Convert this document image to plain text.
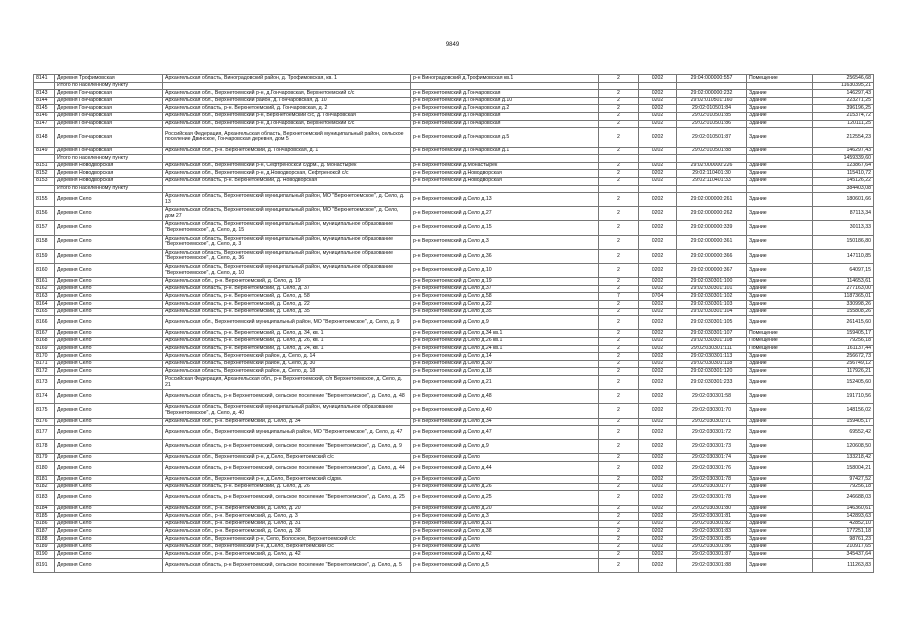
9849
8141	Деревня Трофимовская	Архангельская область, Виноградовский район, д. Трофимовская, кв. 1	р-н Виноградовский д.Трофимовская кв.1	2	0202	29:04:000000:557	Помещение	256546,68
	Итого по населенному пункту							11630395,21
8143	Деревня Гончаровская	Архангельская обл., Верхнетоемский р-н, д.Гончаровская, Верхнетоемский с/с	р-н Верхнетоемский д.Гончаровская	2	0202	29:02:000000:232	Здание	146297,43
8144	Деревня Гончаровская	Архангельская обл., Верхнетоемский район, д. Гончаровская, д. 10	р-н Верхнетоемский д.Гончаровская д.10	2	0202	29:02:010501:160	Здание	223271,25
8145	Деревня Гончаровская	Архангельская область, р-н. Верхнетоемский, д. Гончаровская, д. 2	р-н Верхнетоемский д.Гончаровская д.2	2	0202	29:02:010501:84	Здание	396196,25
8146	Деревня Гончаровская	Архангельская обл., Верхнетоемский р-н, Верхнетоемский с/с, д. Гончаровская	р-н Верхнетоемский д.Гончаровская	2	0202	29:02:010501:85	Здание	215374,72
8147	Деревня Гончаровская	Архангельская обл., Верхнетоемский р-н, д.Гончаровская, Верхнетоемский с/с	р-н Верхнетоемский д.Гончаровская	2	0202	29:02:010501:86	Здание	120111,25
8148	Деревня Гончаровская	Российская Федерация, Архангельская область, Верхнетоемский муниципальный район, сельское поселение Двинское, Гончаровская деревня, дом 5	р-н Верхнетоемский д.Гончаровская д.5	2	0202	29:02:010501:87	Здание	212554,23
8149	Деревня Гончаровская	Архангельская обл., р-н. Верхнетоемский, д. Гончаровская, д. 1	р-н Верхнетоемский д.Гончаровская д.1	2	0202	29:02:010501:88	Здание	146297,43
	Итого по населенному пункту							1459339,60
8151	Деревня Новодворская	Архангельская обл., Верхнетоемский р-н, Сефтреносксй с/дрм., д. Монастырёк	р-н Верхнетоемский д.Монастырёк	2	0202	29:02:000000:226	Здание	123867,64
8152	Деревня Новодворская	Архангельская обл., Верхнетоемский р-н, д.Новодворская, Сефтреноксй с/с	р-н Верхнетоемский д.Новодворская	2	0202	29:02:110401:30	Здание	115410,72
8153	Деревня Новодворская	Архангельская область, р-н. Верхнетоемский, д. Новодворская	р-н Верхнетоемский д.Новодворская	2	0202	29:02:110401:33	Здание	145126,22
	Итого по населенному пункту							384403,08
8155	Деревня Село	Архангельская область, Верхнетоемский муниципальный район, МО "Верхнетоемское", д. Село, д. 13	р-н Верхнетоемский д.Село д.13	2	0202	29:02:000000:261	Здание	180601,66
8156	Деревня Село	Архангельская область, Верхнетоемский муниципальный район, МО "Верхнетоемское", д. Село, дом 27	р-н Верхнетоемский д.Село д.27	2	0202	29:02:000000:262	Здание	87113,34
8157	Деревня Село	Архангельская область, Верхнетоемский муниципальный район, муниципальное образование "Верхнетоемское", д. Село, д. 15	р-н Верхнетоемский д.Село д.15	2	0202	29:02:000000:339	Здание	30113,33
8158	Деревня Село	Архангельская область, Верхнетоемский муниципальный район, муниципальное образование "Верхнетоемское", д. Село, д. 3	р-н Верхнетоемский д.Село д.3	2	0202	29:02:000000:361	Здание	150186,80
8159	Деревня Село	Архангельская область, Верхнетоемский муниципальный район, муниципальное образование "Верхнетоемское", д. Село, д. 36	р-н Верхнетоемский д.Село д.36	2	0202	29:02:000000:366	Здание	147110,85
8160	Деревня Село	Архангельская область, Верхнетоемский муниципальный район, муниципальное образование "Верхнетоемское", д. Село, д. 10	р-н Верхнетоемский д.Село д.10	2	0202	29:02:000000:367	Здание	64097,15
8161	Деревня Село	Архангельская обл., р-н. Верхнетоемский, д. Село, д. 19	р-н Верхнетоемский д.Село д.19	2	0202	29:02:030301:100	Здание	114653,61
8162	Деревня Село	Архангельская область, р-н. Верхнетоемский, д. Село, д. 37	р-н Верхнетоемский д.Село д.37	2	0202	29:02:030301:101	Здание	277163,00
8163	Деревня Село	Архангельская область, р-н. Верхнетоемский, д. Село, д. 58	р-н Верхнетоемский д.Село д.58	7	0704	29:02:030301:102	Здание	1187365,01
8164	Деревня Село	Архангельская область, р-н. Верхнетоемский, д. Село, д. 22	р-н Верхнетоемский д.Село д.22	2	0202	29:02:030301:103	Здание	330998,26
8165	Деревня Село	Архангельская область, р-н. Верхнетоемский, д. Село, д. 35	р-н Верхнетоемский д.Село д.35	2	0202	29:02:030301:104	Здание	155808,26
8166	Деревня Село	Архангельская обл., Верхнетоемский муниципальный район, МО "Верхнетоемское", д. Село, д. 9	р-н Верхнетоемский д.Село д.9	2	0202	29:02:030301:105	Здание	261415,60
8167	Деревня Село	Архангельская область, р-н. Верхнетоемский, д. Село, д. 34, кв. 1	р-н Верхнетоемский д.Село д.34 кв.1	2	0202	29:02:030301:107	Помещение	159405,17
8168	Деревня Село	Архангельская область, р-н. Верхнетоемский, д. Село, д. 26, кв. 1	р-н Верхнетоемский д.Село д.26 кв.1	2	0202	29:02:030301:108	Помещение	79256,18
8169	Деревня Село	Архангельская область, р-н. Верхнетоемский, д. Село, д. 24, кв. 1	р-н Верхнетоемский д.Село д.24 кв.1	2	0202	29:02:030301:111	Помещение	161137,44
8170	Деревня Село	Архангельская область, Верхнетоемский район, д. Село, д. 14	р-н Верхнетоемский д.Село д.14	2	0202	29:02:030301:113	Здание	256672,73
8171	Деревня Село	Архангельская область, Верхнетоемский район, д. Село, д. 30	р-н Верхнетоемский д.Село д.30	2	0202	29:02:030301:118	Здание	256749,12
8172	Деревня Село	Архангельская область, Верхнетоемский район, д. Село, д. 18	р-н Верхнетоемский д.Село д.18	2	0202	29:02:030301:120	Здание	117926,21
8173	Деревня Село	Российская Федерация, Архангельская обл., р-н Верхнетоемский, с/п Верхнетоемское, д. Село, д. 21	р-н Верхнетоемский д.Село д.21	2	0202	29:02:030301:233	Здание	152405,60
8174	Деревня Село	Архангельская область, р-н Верхнетоемский, сельское поселение "Верхнетоемское", д. Село, д. 48	р-н Верхнетоемский д.Село д.48	2	0202	29:02:030301:58	Здание	191710,56
8175	Деревня Село	Архангельская область, Верхнетоемский муниципальный район, муниципальное образование "Верхнетоемское", д. Село, д. 40	р-н Верхнетоемский д.Село д.40	2	0202	29:02:030301:70	Здание	148156,02
8176	Деревня Село	Архангельская обл., р-н. Верхнетоемский, д. Село, д. 34	р-н Верхнетоемский д.Село д.34	2	0202	29:02:030301:71	Здание	159405,17
8177	Деревня Село	Архангельская обл., Верхнетоемский муниципальный район, МО "Верхнетоемское", д. Село, д. 47	р-н Верхнетоемский д.Село д.47	2	0202	29:02:030301:72	Здание	69552,42
8178	Деревня Село	Архангельская область, р-н Верхнетоемский, сельское поселение "Верхнетоемское", д. Село, д. 9	р-н Верхнетоемский д.Село д.9	2	0202	29:02:030301:73	Здание	120608,50
8179	Деревня Село	Архангельская обл., Верхнетоемский р-н, д.Село, Верхнетоемский с/с	р-н Верхнетоемский д.Село	2	0202	29:02:030301:74	Здание	133218,42
8180	Деревня Село	Архангельская область, р-н Верхнетоемский, сельское поселение "Верхнетоемское", д. Село, д. 44	р-н Верхнетоемский д.Село д.44	2	0202	29:02:030301:76	Здание	158004,21
8181	Деревня Село	Архангельская обл., Верхнетоемский р-н, д.Село, Верхнетоемский с/дрм.	р-н Верхнетоемский д.Село	2	0202	29:02:030301:78	Здание	97427,52
8182	Деревня Село	Архангельская область, р-н. Верхнетоемский, д. Село, д. 26	р-н Верхнетоемский д.Село д.26	2	0202	29:02:030301:77	Здание	79256,18
8183	Деревня Село	Архангельская область, р-н Верхнетоемский, сельское поселение "Верхнетоемское", д. Село, д. 25	р-н Верхнетоемский д.Село д.25	2	0202	29:02:030301:78	Здание	246688,03
8184	Деревня Село	Архангельская обл., р-н. Верхнетоемский, д. Село, д. 20	р-н Верхнетоемский д.Село д.20	2	0202	29:02:030301:80	Здание	146360,61
8185	Деревня Село	Архангельская обл., р-н. Верхнетоемский, д. Село, д. 3	р-н Верхнетоемский д.Село д.3	2	0202	29:02:030301:81	Здание	142893,63
8186	Деревня Село	Архангельская обл., р-н. Верхнетоемский, д. Село, д. 31	р-н Верхнетоемский д.Село д.31	2	0202	29:02:030301:82	Здание	42852,10
8187	Деревня Село	Архангельская обл., р-н. Верхнетоемский, д. Село, д. 38	р-н Верхнетоемский д.Село д.38	2	0202	29:02:030301:83	Здание	177251,18
8188	Деревня Село	Архангельская обл., Верхнетоемский р-н, Село, Волосное, Верхнетоемский с/с	р-н Верхнетоемский д.Село	2	0202	29:02:030301:85	Здание	98761,23
8189	Деревня Село	Архангельская обл., Верхнетоемский р-н, д.Село, Верхнетоемский с/с	р-н Верхнетоемский д.Село	2	0202	29:02:030301:86	Здание	210917,65
8190	Деревня Село	Архангельская обл., р-н. Верхнетоемский, д. Село, д. 42	р-н Верхнетоемский д.Село д.42	2	0202	29:02:030301:87	Здание	345437,64
8191	Деревня Село	Архангельская область, р-н Верхнетоемский, сельское поселение "Верхнетоемское", д. Село, д. 5	р-н Верхнетоемский д.Село д.5	2	0202	29:02:030301:88	Здание	111263,83
